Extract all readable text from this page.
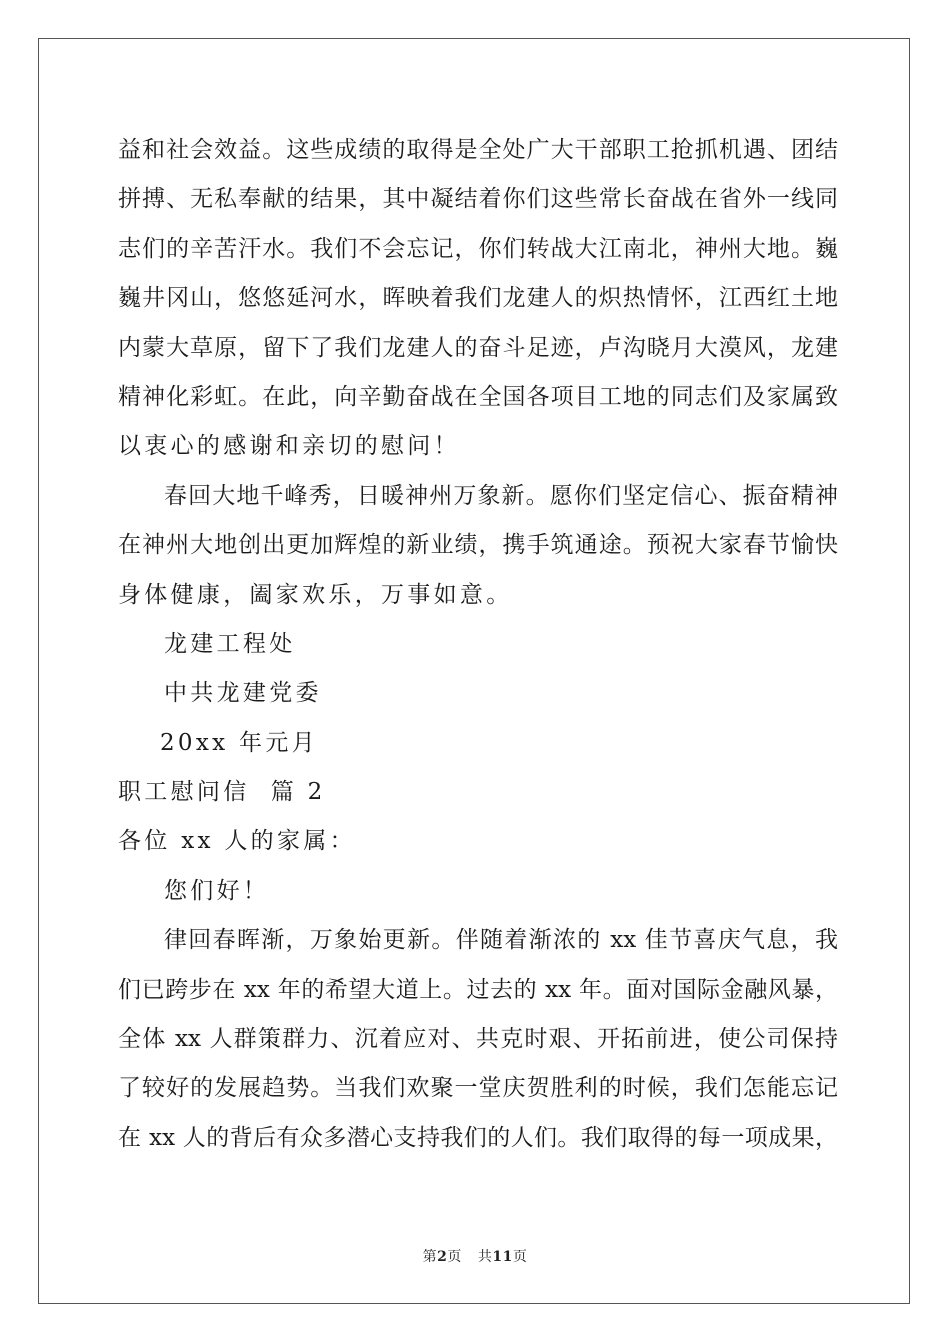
益和社会效益。这些成绩的取得是全处广大干部职工抢抓机遇、团结
拼搏、无私奉献的结果，其中凝结着你们这些常长奋战在省外一线同
志们的辛苦汗水。我们不会忘记，你们转战大江南北，神州大地。巍
巍井冈山，悠悠延河水，晖映着我们龙建人的炽热情怀，江西红土地
内蒙大草原，留下了我们龙建人的奋斗足迹，卢沟晓月大漠风，龙建
精神化彩虹。在此，向辛勤奋战在全国各项目工地的同志们及家属致
以衷心的感谢和亲切的慰问！
春回大地千峰秀，日暖神州万象新。愿你们坚定信心、振奋精神
在神州大地创出更加辉煌的新业绩，携手筑通途。预祝大家春节愉快
身体健康，阖家欢乐，万事如意。
龙建工程处
中共龙建党委
20xx 年元月
职工慰问信  篇 2
各位 xx 人的家属：
您们好！
律回春晖渐，万象始更新。伴随着渐浓的 xx 佳节喜庆气息，我
们已跨步在 xx 年的希望大道上。过去的 xx 年。面对国际金融风暴，
全体 xx 人群策群力、沉着应对、共克时艰、开拓前进，使公司保持
了较好的发展趋势。当我们欢聚一堂庆贺胜利的时候，我们怎能忘记
在 xx 人的背后有众多潜心支持我们的人们。我们取得的每一项成果，
第2页 共11页
